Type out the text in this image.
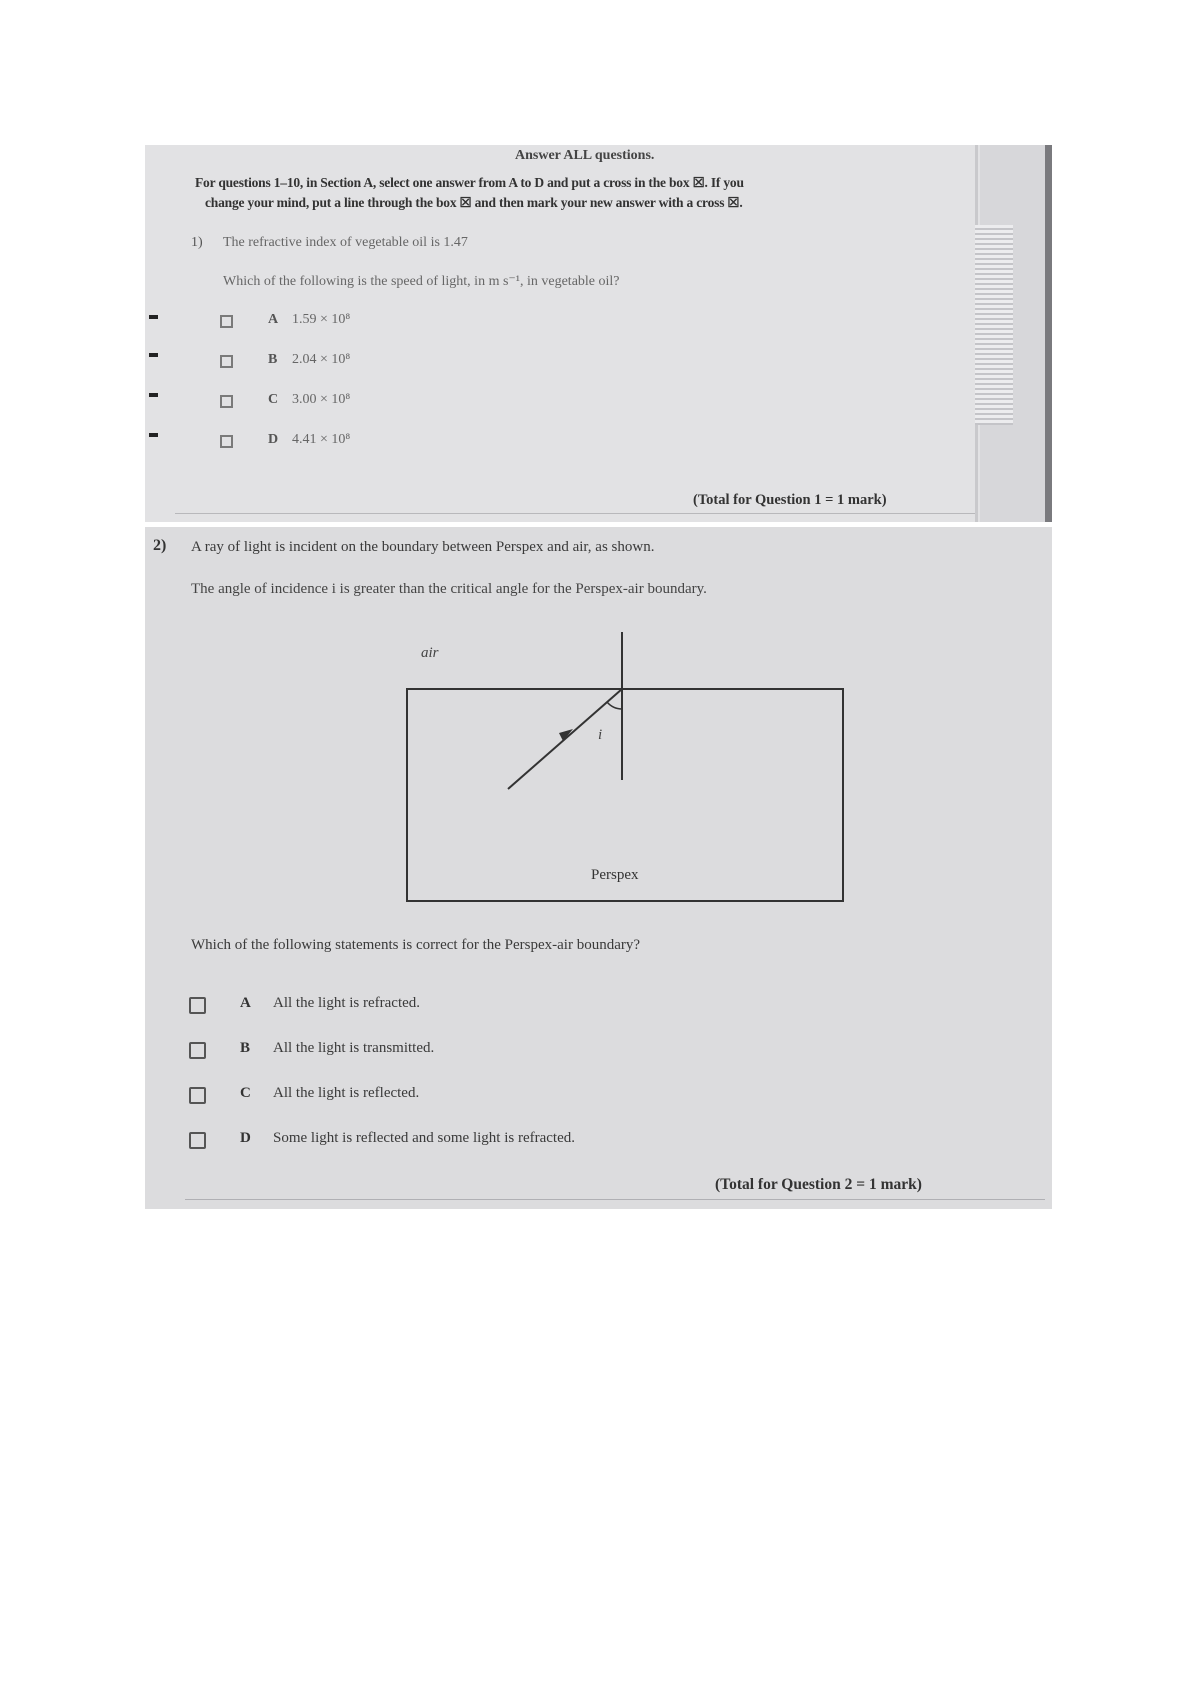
Answer ALL questions.
For questions 1–10, in Section A, select one answer from A to D and put a cross in the box ☒. If you
change your mind, put a line through the box ☒ and then mark your new answer with a cross ☒.
1) The refractive index of vegetable oil is 1.47
Which of the following is the speed of light, in m s⁻¹, in vegetable oil?
A 1.59 × 10⁸
B 2.04 × 10⁸
C 3.00 × 10⁸
D 4.41 × 10⁸
(Total for Question 1 = 1 mark)
2) A ray of light is incident on the boundary between Perspex and air, as shown.
The angle of incidence i is greater than the critical angle for the Perspex-air boundary.
air
i
Perspex
Which of the following statements is correct for the Perspex-air boundary?
A All the light is refracted.
B All the light is transmitted.
C All the light is reflected.
D Some light is reflected and some light is refracted.
(Total for Question 2 = 1 mark)
